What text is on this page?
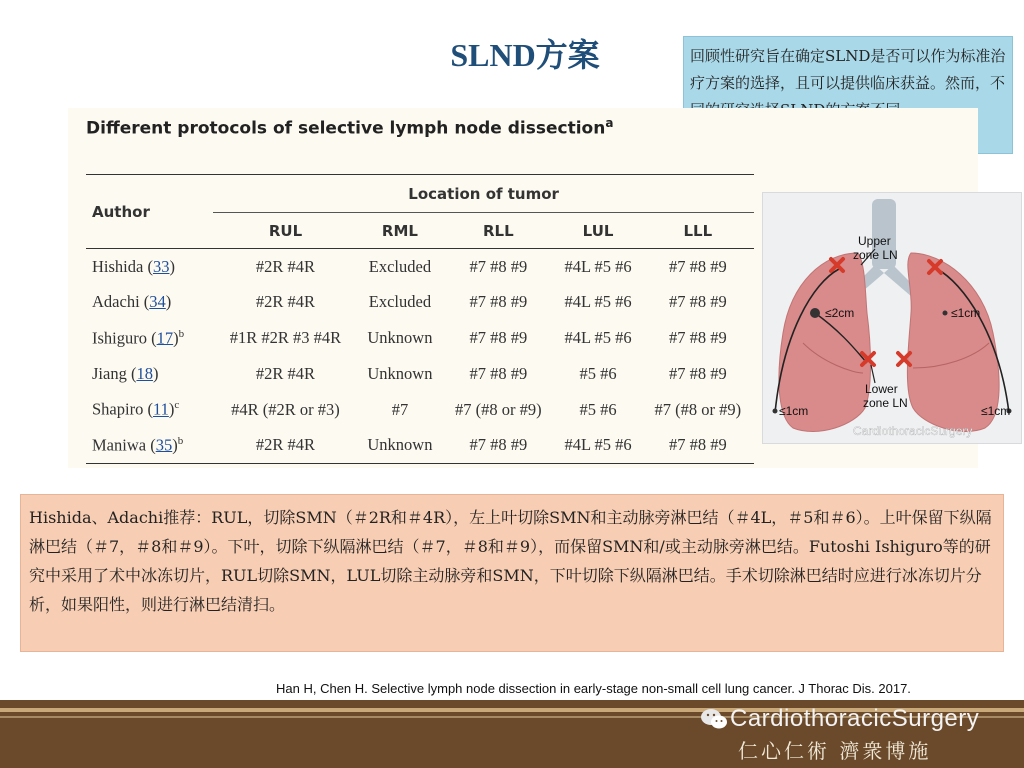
SLND方案	回顾性研究旨在确定SLND是否可以作为标准治疗方案的选择，且可以提供临床获益。然而，不
Different protocols of selective lymph node dissection$^a$
Author	Location of tumor				
	RUL	RML	RLL	LUL	LLL
Hishida (33)	#2R #4R	Excluded	#7 #8 #9	#4L #5 #6	#7 #8 #9
Adachi (34)	#2R #4R	Excluded	#7 #8 #9	#4L #5 #6	#7 #8 #9
Ishiguro $(17)^b$	#1R #2R #3 #4R	Unknown	#7 #8 #9	#4L #5 #6	#7 #8 #9
Jiang (18)	#2R #4R	Unknown	#7 #8 #9	#5 #6	#7 #8 #9
Shapiro $(11)^c$	#4R (#2R or #3)	#7	#7 (#8 or #9)	#5 #6	#7 (#8 or #9)
Maniwa $(35)^b$	#2R #4R	Unknown	#7 #8 #9	#4L #5 #6	#7 #8 #9
Upper
zone LN
Lower
zone LN
≤2cm	≤1cm
≤1cm	≤1cm
CardiothoracicSurgery
Hishida、Adachi推荐：RUL，切除SMN（＃2R和＃4R），左上叶切除SMN和主动脉旁淋巴结（＃4L，＃5和＃6）。上叶保留下纵隔淋巴结（＃7，＃8和＃9）。下叶，切除下纵隔淋巴结（＃7，＃8和＃9），而保留SMN和/或主动脉旁淋巴结。Futoshi Ishiguro等的研究中采用了术中冰冻切片，RUL切除SMN，LUL切除主动脉旁和SMN，下叶切除下纵隔淋巴结。手术切除淋巴结时应进行冰冻切片分析，如果阳性，则进行淋巴结清扫。
Han H, Chen H. Selective lymph node dissection in early-stage non-small cell lung cancer. J Thorac Dis. 2017.
CardiothoracicSurgery
仁心仁術 濟衆博施
